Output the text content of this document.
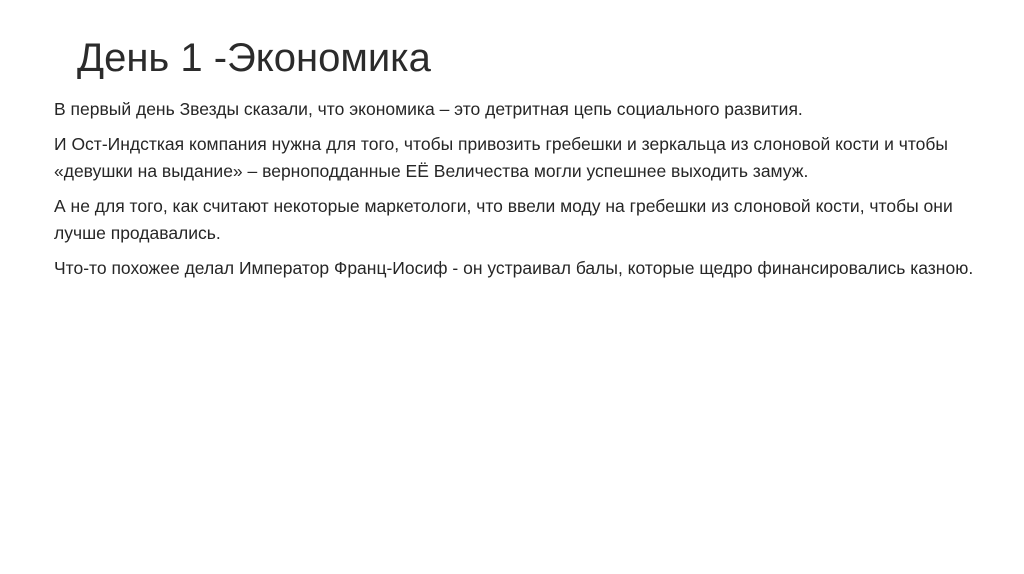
День 1 -Экономика

В первый день Звезды сказали, что экономика – это детритная цепь социального развития.

И Ост-Индсткая компания нужна для того, чтобы привозить гребешки и зеркальца из слоновой кости и чтобы «девушки на выдание» – верноподданные ЕЁ Величества могли успешнее выходить замуж.

А не для того, как считают некоторые маркетологи, что ввели моду на гребешки из слоновой кости, чтобы они лучше продавались.

Что-то похожее делал Император Франц-Иосиф - он устраивал балы, которые щедро финансировались казною.
